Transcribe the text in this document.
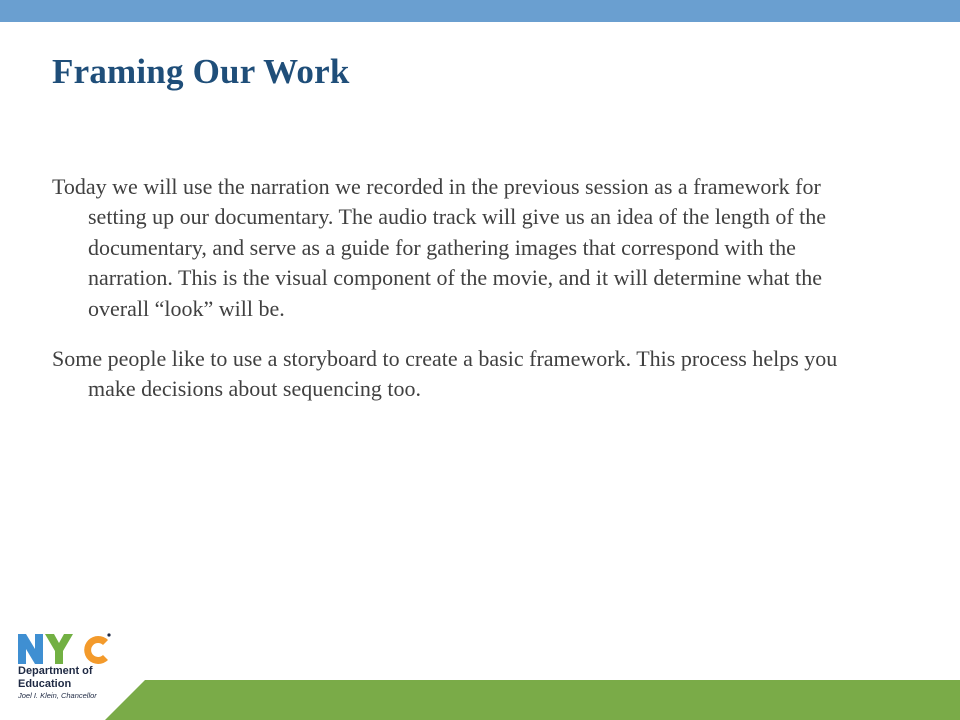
Framing Our Work

Today we will use the narration we recorded in the previous session as a framework for setting up our documentary. The audio track will give us an idea of the length of the documentary, and serve as a guide for gathering images that correspond with the narration. This is the visual component of the movie, and it will determine what the overall “look” will be.

Some people like to use a storyboard to create a basic framework. This process helps you make decisions about sequencing too.

Department of
Education

Joel I. Klein, Chancellor
